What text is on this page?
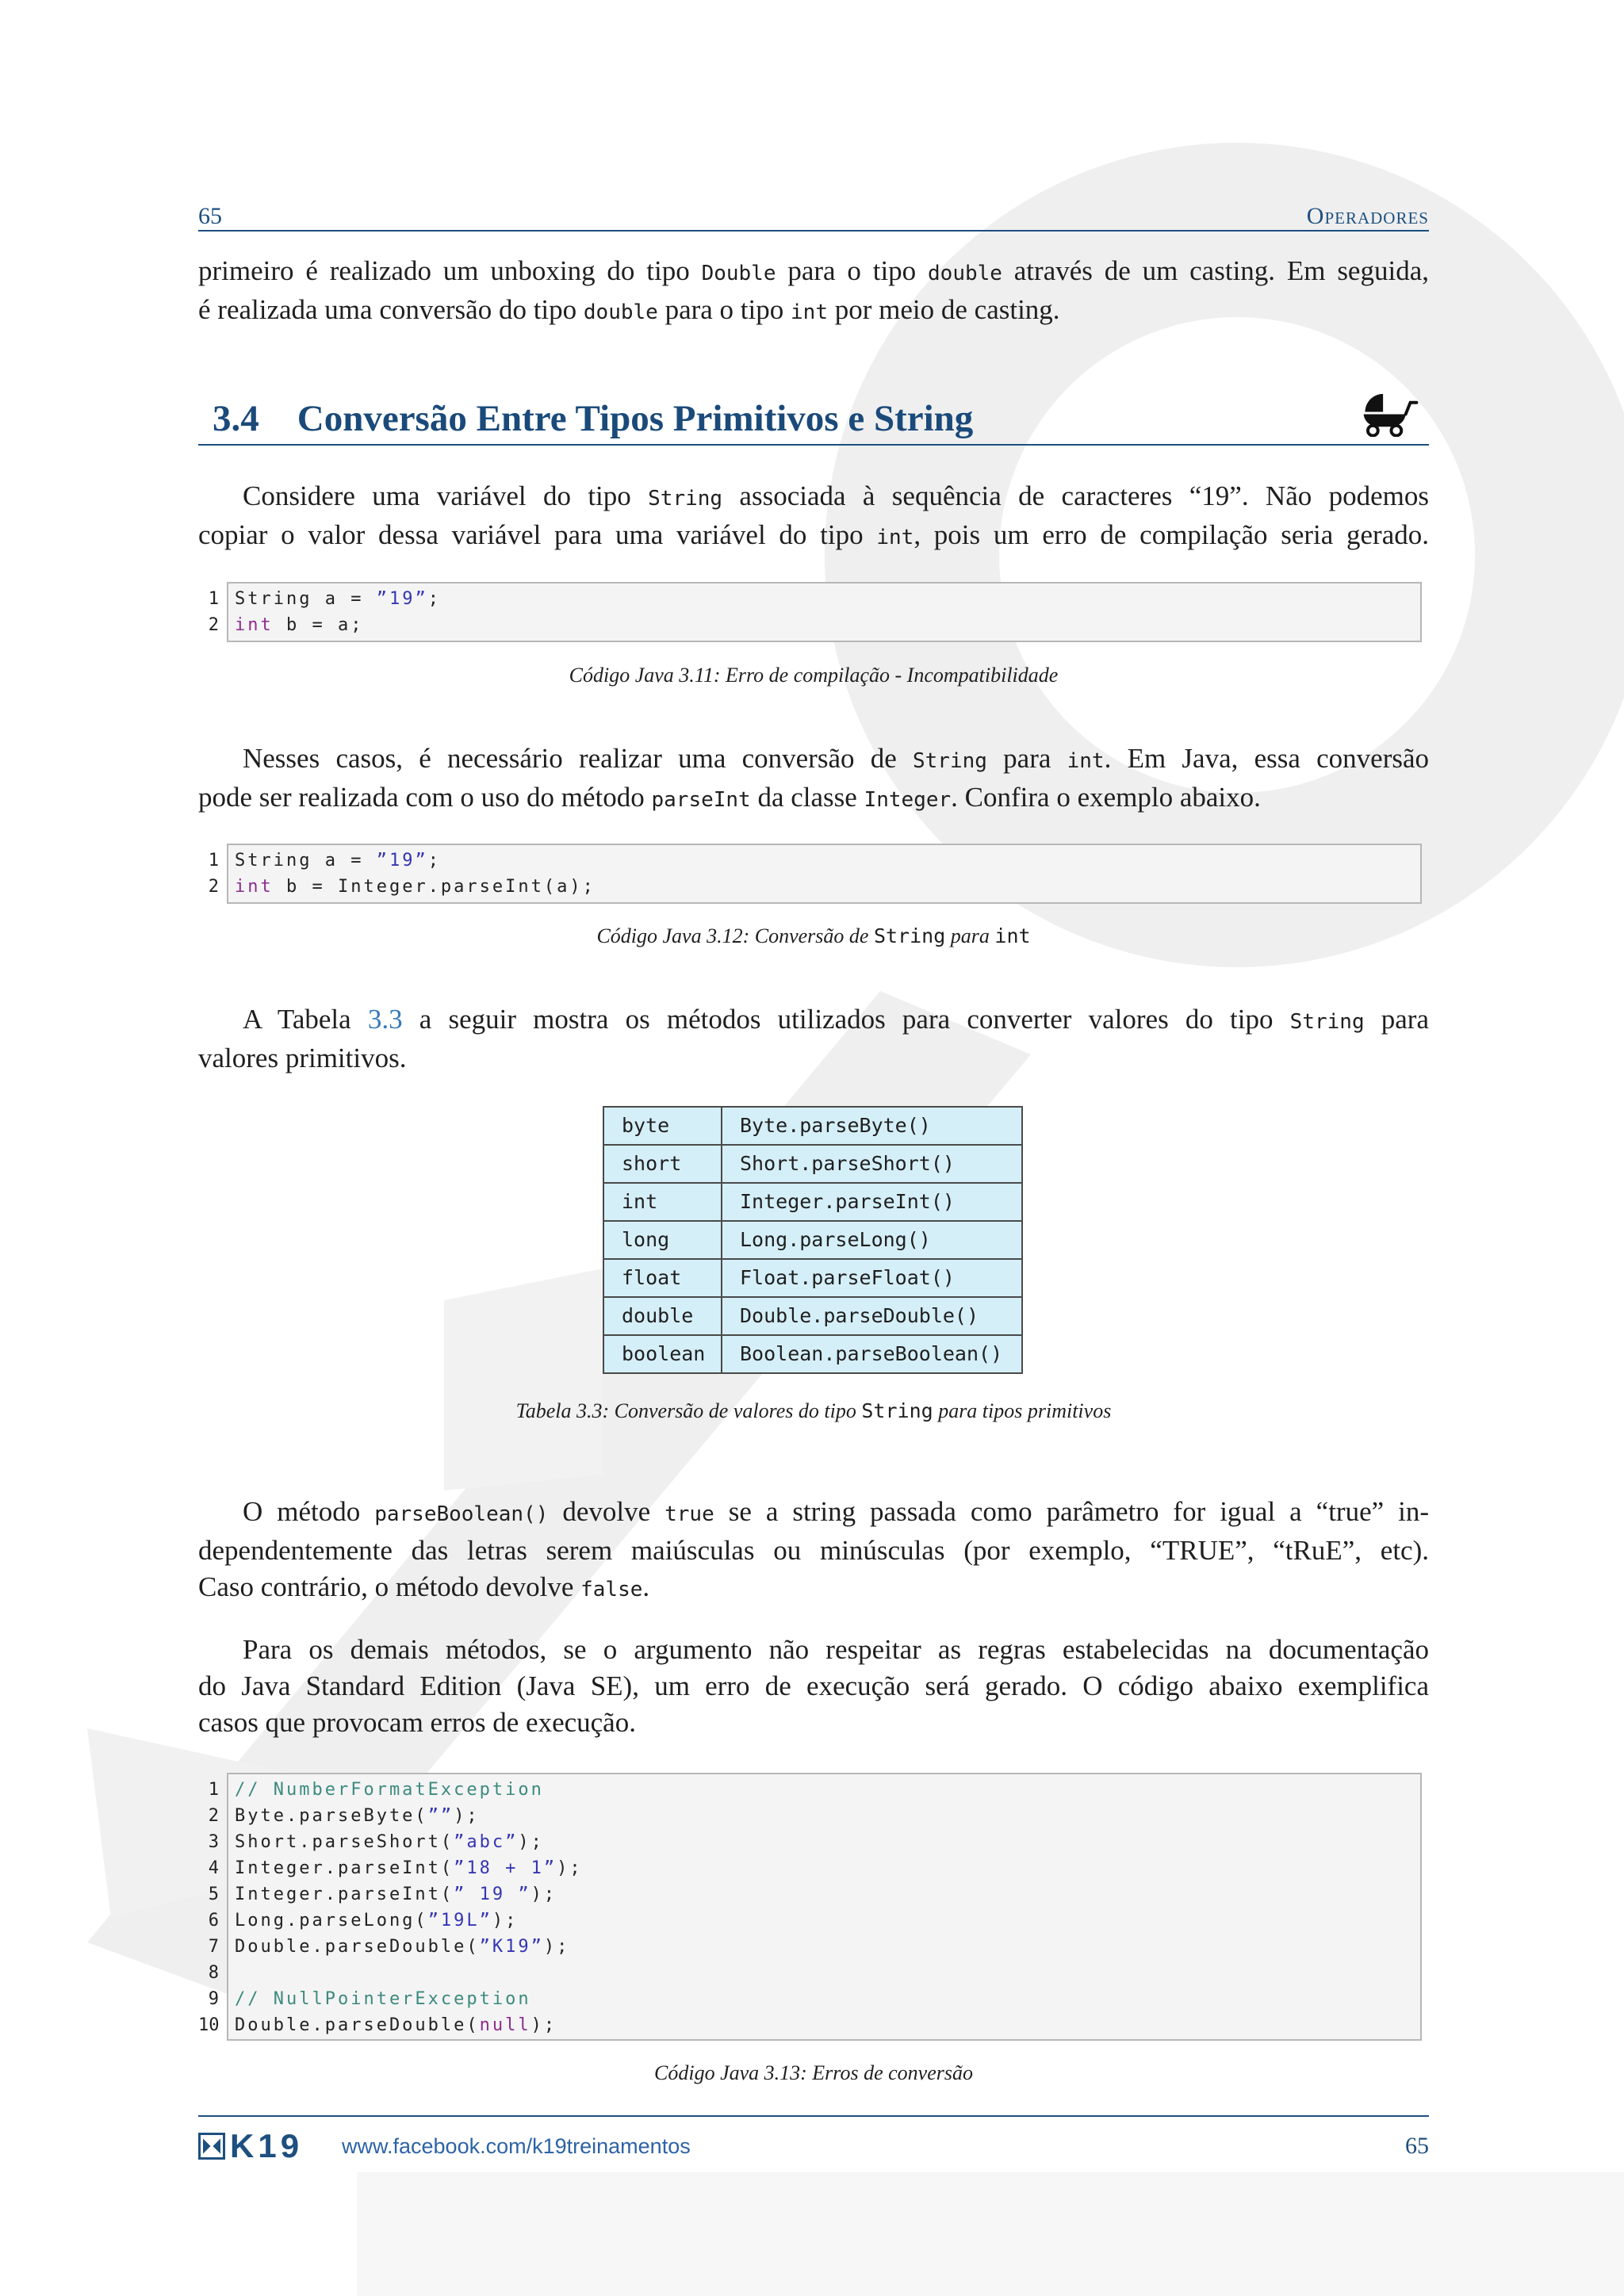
65	Operadores
primeiro é realizado um unboxing do tipo Double para o tipo double através de um casting. Em seguida,
é realizada uma conversão do tipo double para o tipo int por meio de casting.
3.4 Conversão Entre Tipos Primitivos e String
Considere uma variável do tipo String associada à sequência de caracteres “19”. Não podemos
copiar o valor dessa variável para uma variável do tipo int, pois um erro de compilação seria gerado.
1
2
String a = ”19”;
int b = a;
Código Java 3.11: Erro de compilação - Incompatibilidade
Nesses casos, é necessário realizar uma conversão de String para int. Em Java, essa conversão
pode ser realizada com o uso do método parseInt da classe Integer. Confira o exemplo abaixo.
1
2
String a = ”19”;
int b = Integer.parseInt(a);
Código Java 3.12: Conversão de String para int
A Tabela 3.3 a seguir mostra os métodos utilizados para converter valores do tipo String para
valores primitivos.
byte	Byte.parseByte()
short	Short.parseShort()
int	Integer.parseInt()
long	Long.parseLong()
float	Float.parseFloat()
double	Double.parseDouble()
boolean	Boolean.parseBoolean()
Tabela 3.3: Conversão de valores do tipo String para tipos primitivos
O método parseBoolean() devolve true se a string passada como parâmetro for igual a “true” in-
dependentemente das letras serem maiúsculas ou minúsculas (por exemplo, “TRUE”, “tRuE”, etc).
Caso contrário, o método devolve false.
Para os demais métodos, se o argumento não respeitar as regras estabelecidas na documentação
do Java Standard Edition (Java SE), um erro de execução será gerado. O código abaixo exemplifica
casos que provocam erros de execução.
1
2
3
4
5
6
7
8
9
10
// NumberFormatException
Byte.parseByte(””);
Short.parseShort(”abc”);
Integer.parseInt(”18 + 1”);
Integer.parseInt(” 19 ”);
Long.parseLong(”19L”);
Double.parseDouble(”K19”);
// NullPointerException
Double.parseDouble(null);
Código Java 3.13: Erros de conversão
K19 www.facebook.com/k19treinamentos	65
